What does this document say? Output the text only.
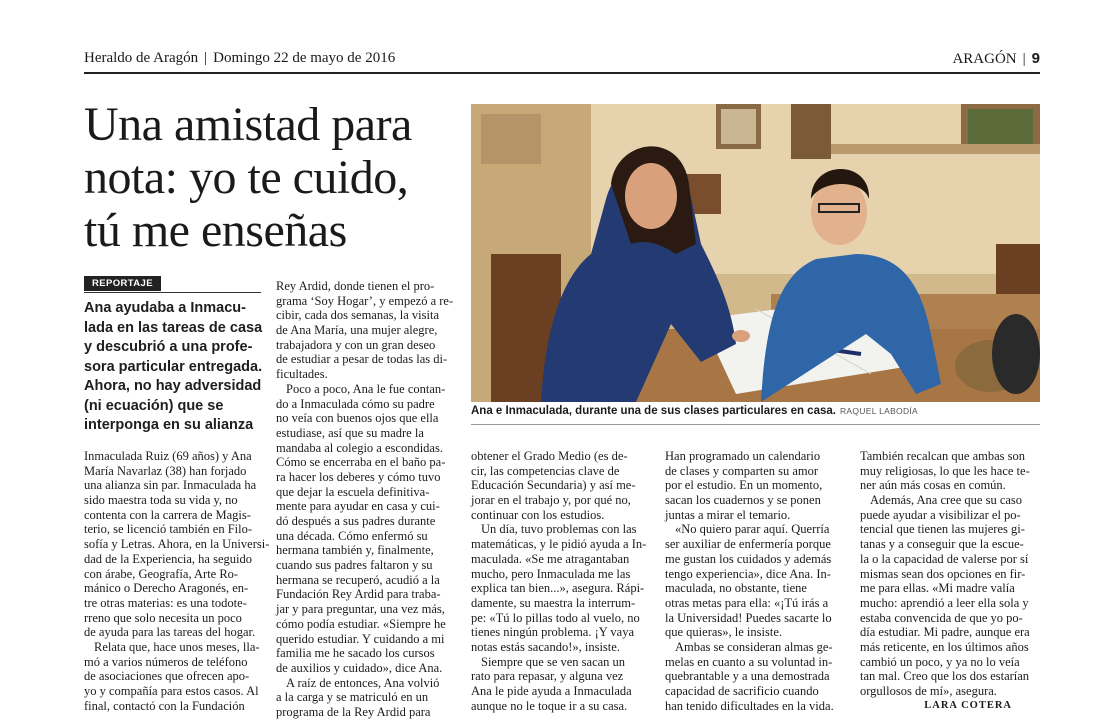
Heraldo de Aragón | Domingo 22 de mayo de 2016	ARAGÓN | 9
Una amistad para
nota: yo te cuido,
tú me enseñas
Ana e Inmaculada, durante una de sus clases particulares en casa. RAQUEL LABODÍA
REPORTAJE
Ana ayudaba a Inmacu-
lada en las tareas de casa
y descubrió a una profe-
sora particular entregada.
Ahora, no hay adversidad
(ni ecuación) que se
interponga en su alianza
Inmaculada Ruiz (69 años) y Ana
María Navarlaz (38) han forjado
una alianza sin par. Inmaculada ha
sido maestra toda su vida y, no
contenta con la carrera de Magis-
terio, se licenció también en Filo-
sofía y Letras. Ahora, en la Universi-
dad de la Experiencia, ha seguido
con árabe, Geografía, Arte Ro-
mánico o Derecho Aragonés, en-
tre otras materias: es una todote-
rreno que solo necesita un poco
de ayuda para las tareas del hogar.
Relata que, hace unos meses, lla-
mó a varios números de teléfono
de asociaciones que ofrecen apo-
yo y compañía para estos casos. Al
final, contactó con la Fundación
Rey Ardid, donde tienen el pro-
grama ‘Soy Hogar’, y empezó a re-
cibir, cada dos semanas, la visita
de Ana María, una mujer alegre,
trabajadora y con un gran deseo
de estudiar a pesar de todas las di-
ficultades.
Poco a poco, Ana le fue contan-
do a Inmaculada cómo su padre
no veía con buenos ojos que ella
estudiase, así que su madre la
mandaba al colegio a escondidas.
Cómo se encerraba en el baño pa-
ra hacer los deberes y cómo tuvo
que dejar la escuela definitiva-
mente para ayudar en casa y cui-
dó después a sus padres durante
una década. Cómo enfermó su
hermana también y, finalmente,
cuando sus padres faltaron y su
hermana se recuperó, acudió a la
Fundación Rey Ardid para traba-
jar y para preguntar, una vez más,
cómo podía estudiar. «Siempre he
querido estudiar. Y cuidando a mi
familia me he sacado los cursos
de auxilios y cuidado», dice Ana.
A raíz de entonces, Ana volvió
a la carga y se matriculó en un
programa de la Rey Ardid para
obtener el Grado Medio (es de-
cir, las competencias clave de
Educación Secundaria) y así me-
jorar en el trabajo y, por qué no,
continuar con los estudios.
Un día, tuvo problemas con las
matemáticas, y le pidió ayuda a In-
maculada. «Se me atragantaban
mucho, pero Inmaculada me las
explica tan bien...», asegura. Rápi-
damente, su maestra la interrum-
pe: «Tú lo pillas todo al vuelo, no
tienes ningún problema. ¡Y vaya
notas estás sacando!», insiste.
Siempre que se ven sacan un
rato para repasar, y alguna vez
Ana le pide ayuda a Inmaculada
aunque no le toque ir a su casa.
Han programado un calendario
de clases y comparten su amor
por el estudio. En un momento,
sacan los cuadernos y se ponen
juntas a mirar el temario.
«No quiero parar aquí. Querría
ser auxiliar de enfermería porque
me gustan los cuidados y además
tengo experiencia», dice Ana. In-
maculada, no obstante, tiene
otras metas para ella: «¡Tú irás a
la Universidad! Puedes sacarte lo
que quieras», le insiste.
Ambas se consideran almas ge-
melas en cuanto a su voluntad in-
quebrantable y a una demostrada
capacidad de sacrificio cuando
han tenido dificultades en la vida.
También recalcan que ambas son
muy religiosas, lo que les hace te-
ner aún más cosas en común.
Además, Ana cree que su caso
puede ayudar a visibilizar el po-
tencial que tienen las mujeres gi-
tanas y a conseguir que la escue-
la o la capacidad de valerse por sí
mismas sean dos opciones en fir-
me para ellas. «Mi madre valía
mucho: aprendió a leer ella sola y
estaba convencida de que yo po-
día estudiar. Mi padre, aunque era
más reticente, en los últimos años
cambió un poco, y ya no lo veía
tan mal. Creo que los dos estarían
orgullosos de mí», asegura.
LARA COTERA
